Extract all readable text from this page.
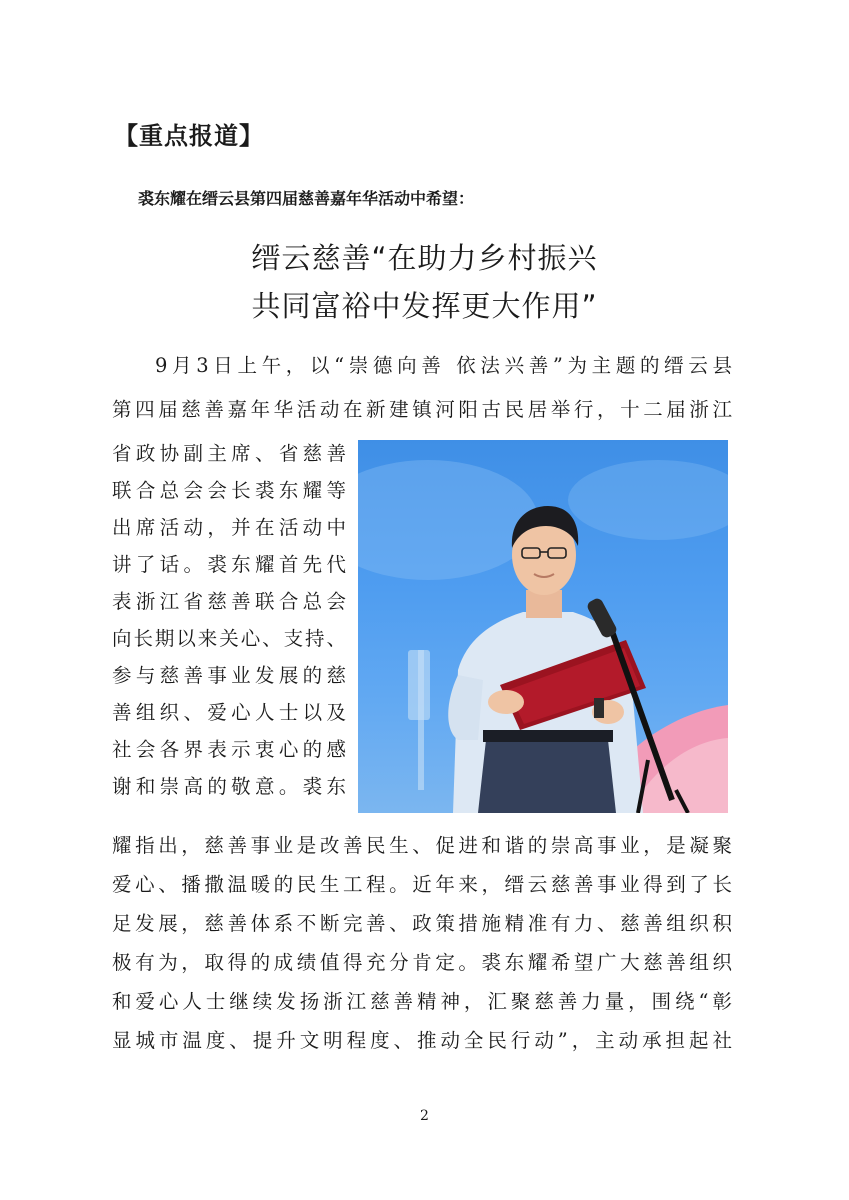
【重点报道】
裘东耀在缙云县第四届慈善嘉年华活动中希望：
缙云慈善“在助力乡村振兴
共同富裕中发挥更大作用”
9月3日上午，以“崇德向善 依法兴善”为主题的缙云县
第四届慈善嘉年华活动在新建镇河阳古民居举行，十二届浙江
省政协副主席、省慈善
联合总会会长裘东耀等
出席活动，并在活动中
讲了话。裘东耀首先代
表浙江省慈善联合总会
向长期以来关心、支持、
参与慈善事业发展的慈
善组织、爱心人士以及
社会各界表示衷心的感
谢和崇高的敬意。裘东
耀指出，慈善事业是改善民生、促进和谐的崇高事业，是凝聚
爱心、播撒温暖的民生工程。近年来，缙云慈善事业得到了长
足发展，慈善体系不断完善、政策措施精准有力、慈善组织积
极有为，取得的成绩值得充分肯定。裘东耀希望广大慈善组织
和爱心人士继续发扬浙江慈善精神，汇聚慈善力量，围绕“彰
显城市温度、提升文明程度、推动全民行动”，主动承担起社
2
